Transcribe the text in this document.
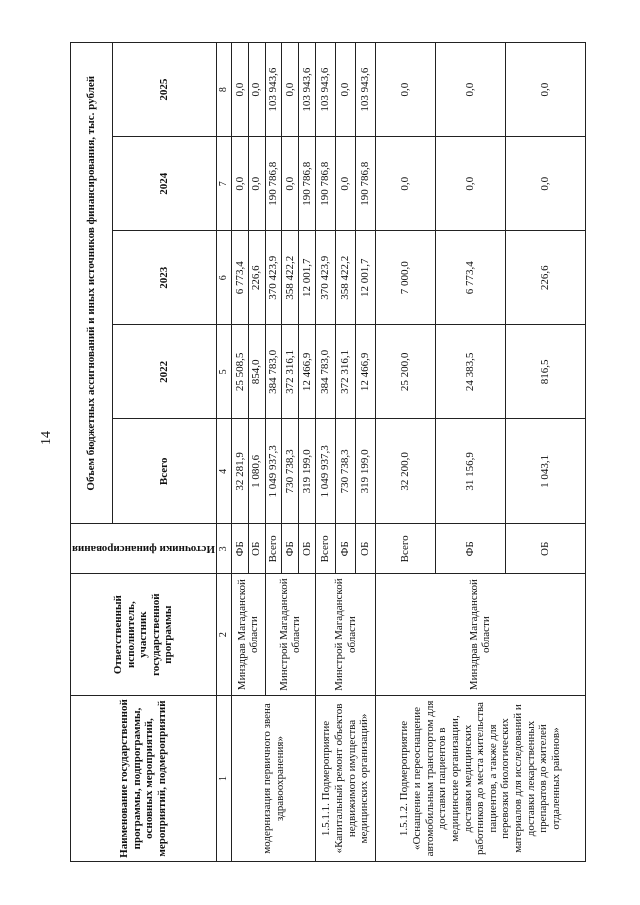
14
Наименование государственной программы, подпрограммы, основных мероприятий, мероприятий, подмероприятий	Ответственный исполнитель, участник государственной программы	Источники финансирования	Объем бюджетных ассигнований и иных источников финансирования, тыс. рублей				
			Всего	2022	2023	2024	2025
1	2	3	4	5	6	7	8
модернизация первичного звена здравоохранения»	Минздрав Магаданской области	ФБ	32 281,9	25 508,5	6 773,4	0,0	0,0
		ОБ	1 080,6	854,0	226,6	0,0	0,0
	Минстрой Магаданской области	Всего	1 049 937,3	384 783,0	370 423,9	190 786,8	103 943,6
		ФБ	730 738,3	372 316,1	358 422,2	0,0	0,0
		ОБ	319 199,0	12 466,9	12 001,7	190 786,8	103 943,6
1.5.1.1. Подмероприятие «Капитальный ремонт объектов недвижимого имущества медицинских организаций»	Минстрой Магаданской области	Всего	1 049 937,3	384 783,0	370 423,9	190 786,8	103 943,6
		ФБ	730 738,3	372 316,1	358 422,2	0,0	0,0
		ОБ	319 199,0	12 466,9	12 001,7	190 786,8	103 943,6
1.5.1.2. Подмероприятие «Оснащение и переоснащение автомобильным транспортом для доставки пациентов в медицинские организации, доставки медицинских работников до места жительства пациентов, а также для перевозки биологических материалов для исследований и доставки лекарственных препаратов до жителей отдаленных районов»	Минздрав Магаданской области	Всего	32 200,0	25 200,0	7 000,0	0,0	0,0
		ФБ	31 156,9	24 383,5	6 773,4	0,0	0,0
		ОБ	1 043,1	816,5	226,6	0,0	0,0
